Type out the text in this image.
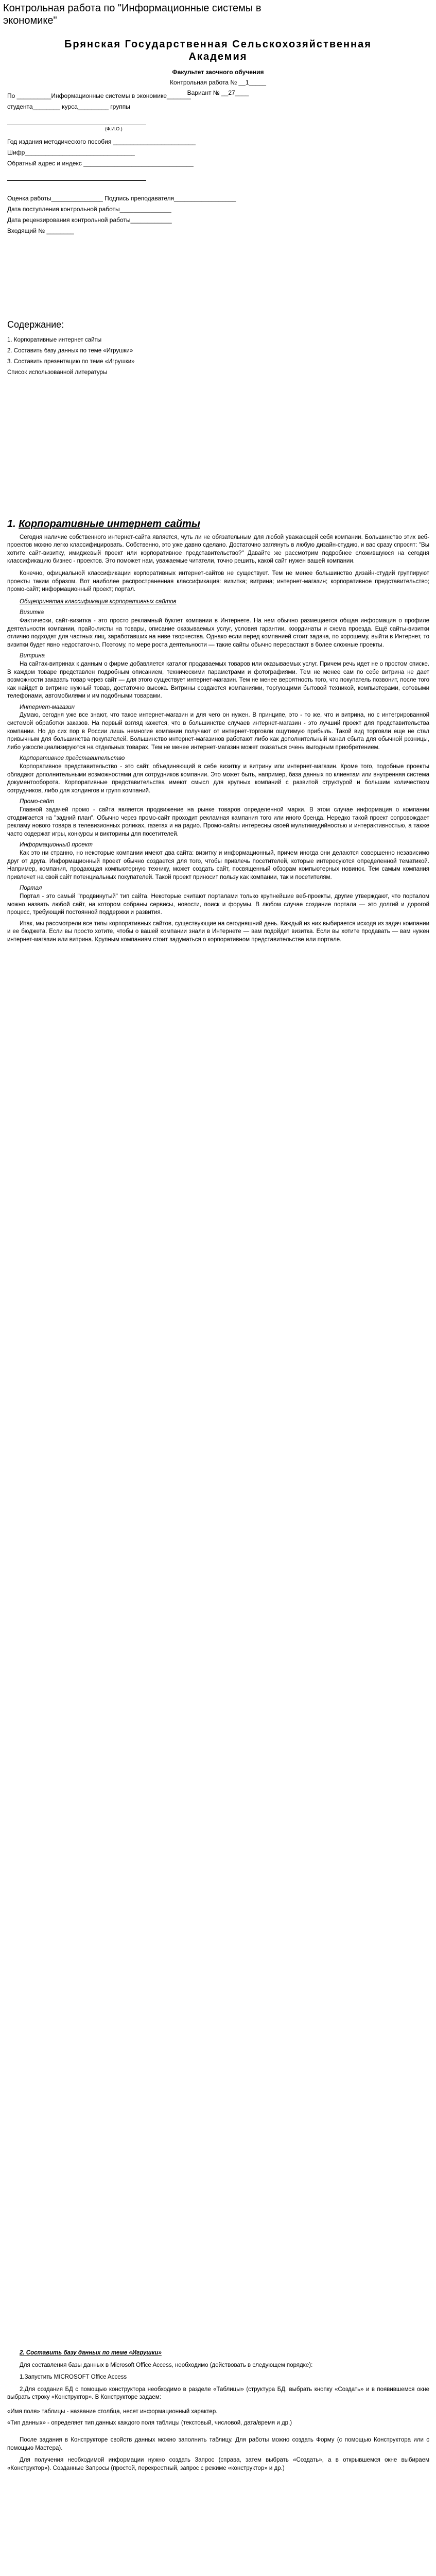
Контрольная работа по "Информационные системы в экономике"
Брянская Государственная Сельскохозяйственная
Академия
Факультет заочного обучения
Контрольная работа № __1_____
Вариант № __27____
По __________Информационные системы в экономике_______
студента________ курса_________ группы
(Ф.И.О.)
Год издания методического пособия ________________________
Шифр________________________________
Обратный адрес и индекс ________________________________
Оценка работы_______________ Подпись преподавателя__________________
Дата поступления контрольной работы_______________
Дата рецензирования контрольной работы____________
Входящий № ________
Содержание:
1. Корпоративные интернет сайты
2. Составить базу данных по теме «Игрушки»
3. Составить презентацию по теме «Игрушки»
Список использованной литературы
1. Корпоративные интернет сайты

Сегодня наличие собственного интернет-сайта является, чуть ли не обязательным для любой уважающей себя компании. Большинство этих веб-проектов можно легко классифицировать. Собственно, это уже давно сделано. Достаточно заглянуть в любую дизайн-студию, и вас сразу спросят: "Вы хотите сайт-визитку, имиджевый проект или корпоративное представительство?" Давайте же рассмотрим подробнее сложившуюся на сегодня классификацию бизнес - проектов. Это поможет нам, уважаемые читатели, точно решить, какой сайт нужен вашей компании.

Конечно, официальной классификации корпоративных интернет-сайтов не существует. Тем не менее большинство дизайн-студий группируют проекты таким образом. Вот наиболее распространенная классификация: визитка; витрина; интернет-магазин; корпоративное представительство; промо-сайт; информационный проект; портал.

Общепринятая классификация корпоративных сайтов

Визитка

Фактически, сайт-визитка - это просто рекламный буклет компании в Интернете. На нем обычно размещается общая информация о профиле деятельности компании, прайс-листы на товары, описание оказываемых услуг, условия гарантии, координаты и схема проезда. Ещё сайты-визитки отлично подходят для частных лиц, заработавших на ниве творчества. Однако если перед компанией стоит задача, по хорошему, выйти в Интернет, то визитки будет явно недостаточно. Поэтому, по мере роста деятельности — такие сайты обычно перерастают в более сложные проекты.

Витрина

На сайтах-витринах к данным о фирме добавляется каталог продаваемых товаров или оказываемых услуг. Причем речь идет не о простом списке. В каждом товаре представлен подробным описанием, техническими параметрами и фотографиями. Тем не менее сам по себе витрина не дает возможности заказать товар через сайт — для этого существует интернет-магазин. Тем не менее вероятность того, что покупатель позвонит, после того как найдет в витрине нужный товар, достаточно высока. Витрины создаются компаниями, торгующими бытовой техникой, компьютерами, сотовыми телефонами, автомобилями и им подобными товарами.

Интернет-магазин

Думаю, сегодня уже все знают, что такое интернет-магазин и для чего он нужен. В принципе, это - то же, что и витрина, но с интегрированной системой обработки заказов. На первый взгляд кажется, что в большинстве случаев интернет-магазин - это лучший проект для представительства компании. Но до сих пор в России лишь немногие компании получают от интернет-торговли ощутимую прибыль. Такой вид торговли еще не стал привычным для большинства покупателей. Большинство интернет-магазинов работают либо как дополнительный канал сбыта для обычной розницы, либо узкоспециализируются на отдельных товарах. Тем не менее интернет-магазин может оказаться очень выгодным приобретением.

Корпоративное представительство

Корпоративное представительство - это сайт, объединяющий в себе визитку и витрину или интернет-магазин. Кроме того, подобные проекты обладают дополнительными возможностями для сотрудников компании. Это может быть, например, база данных по клиентам или внутренняя система документооборота. Корпоративные представительства имеют смысл для крупных компаний с развитой структурой и большим количеством сотрудников, либо для холдингов и групп компаний.

Промо-сайт

Главной задачей промо - сайта является продвижение на рынке товаров определенной марки. В этом случае информация о компании отодвигается на "задний план". Обычно через промо-сайт проходит рекламная кампания того или иного бренда. Нередко такой проект сопровождает рекламу нового товара в телевизионных роликах, газетах и на радио. Промо-сайты интересны своей мультимедийностью и интерактивностью, а также часто содержат игры, конкурсы и викторины для посетителей.

Информационный проект

Как это ни странно, но некоторые компании имеют два сайта: визитку и информационный, причем иногда они делаются совершенно независимо друг от друга. Информационный проект обычно создается для того, чтобы привлечь посетителей, которые интересуются определенной тематикой. Например, компания, продающая компьютерную технику, может создать сайт, посвященный обзорам компьютерных новинок. Тем самым компания привлечет на свой сайт потенциальных покупателей. Такой проект приносит пользу как компании, так и посетителям.

Портал

Портал - это самый "продвинутый" тип сайта. Некоторые считают порталами только крупнейшие веб-проекты, другие утверждают, что порталом можно назвать любой сайт, на котором собраны сервисы, новости, поиск и форумы. В любом случае создание портала — это долгий и дорогой процесс, требующий постоянной поддержки и развития.

Итак, мы рассмотрели все типы корпоративных сайтов, существующие на сегодняшний день. Каждый из них выбирается исходя из задач компании и ее бюджета. Если вы просто хотите, чтобы о вашей компании знали в Интернете — вам подойдет визитка. Если вы хотите продавать — вам нужен интернет-магазин или витрина. Крупным компаниям стоит задуматься о корпоративном представительстве или портале.

2. Составить базу данных по теме «Игрушки»

Для составления базы данных в Microsoft Office Access, необходимо (действовать в следующем порядке):

1.Запустить MICROSOFT Office Access

2.Для создания БД с помощью конструктора необходимо в разделе «Таблицы» (структура БД, выбрать кнопку «Создать» и в появившемся окне выбрать строку «Конструктор». В Конструкторе задаем:

«Имя поля» таблицы - название столбца, несет информационный характер.

«Тип данных» - определяет тип данных каждого поля таблицы (текстовый, числовой, дата/время и др.)

После задания в Конструкторе свойств данных можно заполнить таблицу. Для работы можно создать Форму (с помощью Конструктора или с помощью Мастера).

Для получения необходимой информации нужно создать Запрос (справа, затем выбрать «Создать», а в открывшемся окне выбираем «Конструктор»). Созданные Запросы (простой, перекрестный, запрос с режиме «конструктор» и др.)
